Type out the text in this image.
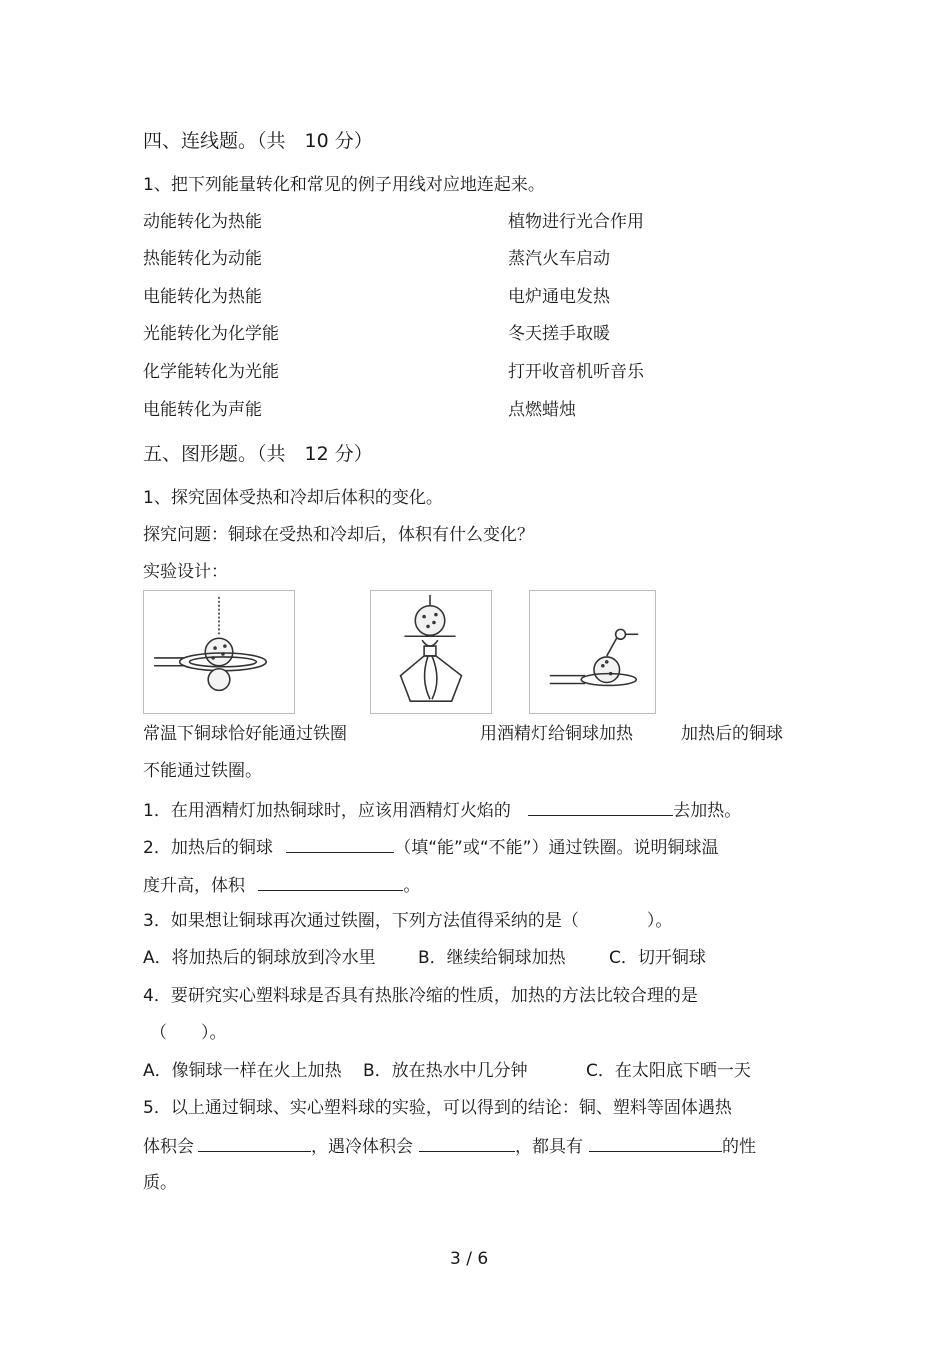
四、连线题。（共　10 分）
1、把下列能量转化和常见的例子用线对应地连起来。
动能转化为热能
热能转化为动能
电能转化为热能
光能转化为化学能
化学能转化为光能
电能转化为声能
植物进行光合作用
蒸汽火车启动
电炉通电发热
冬天搓手取暖
打开收音机听音乐
点燃蜡烛
五、图形题。（共　12 分）
1、探究固体受热和冷却后体积的变化。
探究问题：铜球在受热和冷却后，体积有什么变化？
实验设计：
常温下铜球恰好能通过铁圈	用酒精灯给铜球加热	加热后的铜球
不能通过铁圈。
1．在用酒精灯加热铜球时，应该用酒精灯火焰的	去加热。
2．加热后的铜球	（填“能”或“不能”）通过铁圈。说明铜球温
度升高，体积	。
3．如果想让铜球再次通过铁圈，下列方法值得采纳的是（　　　　）。
A．将加热后的铜球放到冷水里 B．继续给铜球加热	C．切开铜球
4．要研究实心塑料球是否具有热胀冷缩的性质，加热的方法比较合理的是
（　　）。
A．像铜球一样在火上加热 B．放在热水中几分钟	C．在太阳底下晒一天
5．以上通过铜球、实心塑料球的实验，可以得到的结论：铜、塑料等固体遇热
体积会	，遇冷体积会	，都具有	的性
质。
3 / 6
